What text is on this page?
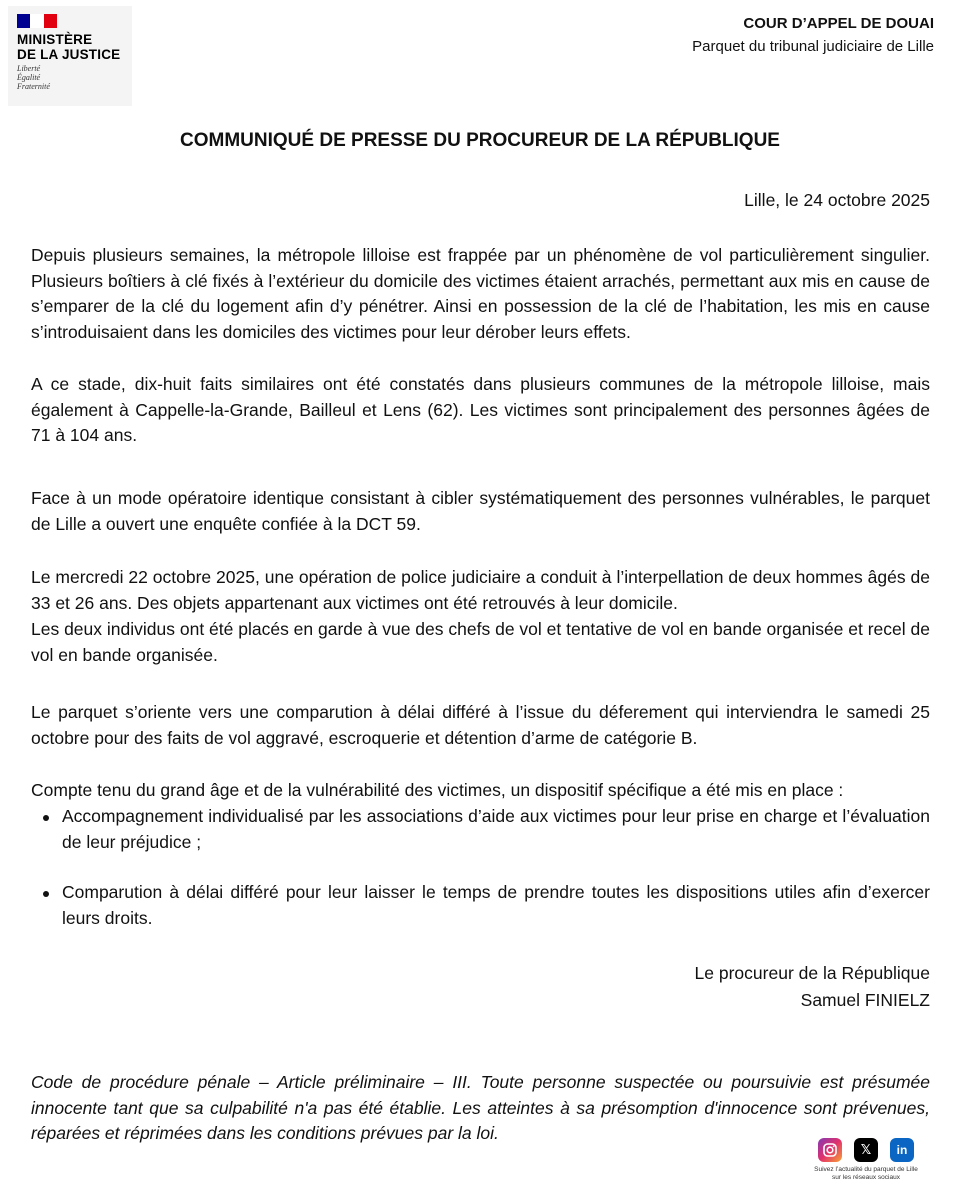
MINISTÈRE
DE LA JUSTICE
Liberté
Égalité
Fraternité
COUR D’APPEL DE DOUAI
Parquet du tribunal judiciaire de Lille
COMMUNIQUÉ DE PRESSE DU PROCUREUR DE LA RÉPUBLIQUE
Lille, le 24 octobre 2025

Depuis plusieurs semaines, la métropole lilloise est frappée par un phénomène de vol particulièrement singulier. Plusieurs boîtiers à clé fixés à l’extérieur du domicile des victimes étaient arrachés, permettant aux mis en cause de s’emparer de la clé du logement afin d’y pénétrer. Ainsi en possession de la clé de l’habitation, les mis en cause s’introduisaient dans les domiciles des victimes pour leur dérober leurs effets.

A ce stade, dix-huit faits similaires ont été constatés dans plusieurs communes de la métropole lilloise, mais également à Cappelle-la-Grande, Bailleul et Lens (62). Les victimes sont principalement des personnes âgées de 71 à 104 ans.

Face à un mode opératoire identique consistant à cibler systématiquement des personnes vulnérables, le parquet de Lille a ouvert une enquête confiée à la DCT 59.

Le mercredi 22 octobre 2025, une opération de police judiciaire a conduit à l’interpellation de deux hommes âgés de 33 et 26 ans. Des objets appartenant aux victimes ont été retrouvés à leur domicile.

Les deux individus ont été placés en garde à vue des chefs de vol et tentative de vol en bande organisée et recel de vol en bande organisée.

Le parquet s’oriente vers une comparution à délai différé à l’issue du déferement qui interviendra le samedi 25 octobre pour des faits de vol aggravé, escroquerie et détention d’arme de catégorie B.

Compte tenu du grand âge et de la vulnérabilité des victimes, un dispositif spécifique a été mis en place :

Accompagnement individualisé par les associations d’aide aux victimes pour leur prise en charge et l’évaluation de leur préjudice ;
Comparution à délai différé pour leur laisser le temps de prendre toutes les dispositions utiles afin d’exercer leurs droits.
Le procureur de la République
Samuel FINIELZ

Code de procédure pénale – Article préliminaire – III. Toute personne suspectée ou poursuivie est présumée innocente tant que sa culpabilité n'a pas été établie. Les atteintes à sa présomption d'innocence sont prévenues, réparées et réprimées dans les conditions prévues par la loi.

𝕏	in
Suivez l’actualité du parquet de Lille
sur les réseaux sociaux
